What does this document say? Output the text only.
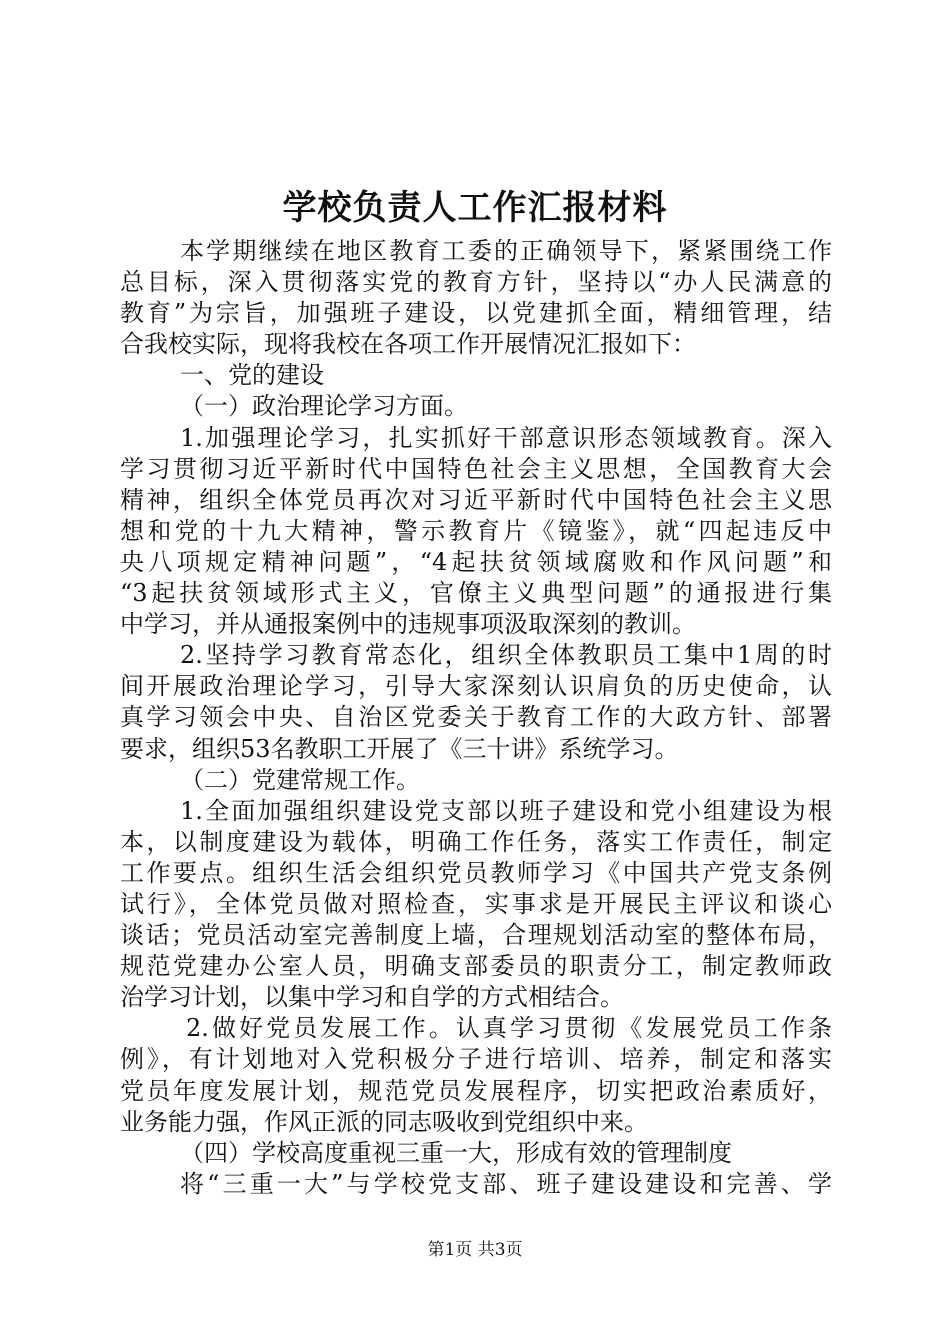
学校负责人工作汇报材料
本学期继续在地区教育工委的正确领导下，紧紧围绕工作
总目标，深入贯彻落实党的教育方针，坚持以“办人民满意的
教育”为宗旨，加强班子建设，以党建抓全面，精细管理，结
合我校实际，现将我校在各项工作开展情况汇报如下：
一、党的建设
（一）政治理论学习方面。
1.加强理论学习，扎实抓好干部意识形态领域教育。深入
学习贯彻习近平新时代中国特色社会主义思想，全国教育大会
精神，组织全体党员再次对习近平新时代中国特色社会主义思
想和党的十九大精神，警示教育片《镜鉴》，就“四起违反中
央八项规定精神问题”，“4起扶贫领域腐败和作风问题”和
“3起扶贫领域形式主义，官僚主义典型问题”的通报进行集
中学习，并从通报案例中的违规事项汲取深刻的教训。
2.坚持学习教育常态化，组织全体教职员工集中1周的时
间开展政治理论学习，引导大家深刻认识肩负的历史使命，认
真学习领会中央、自治区党委关于教育工作的大政方针、部署
要求，组织53名教职工开展了《三十讲》系统学习。
（二）党建常规工作。
1.全面加强组织建设党支部以班子建设和党小组建设为根
本，以制度建设为载体，明确工作任务，落实工作责任，制定
工作要点。组织生活会组织党员教师学习《中国共产党支条例
试行》，全体党员做对照检查，实事求是开展民主评议和谈心
谈话；党员活动室完善制度上墙，合理规划活动室的整体布局，
规范党建办公室人员，明确支部委员的职责分工，制定教师政
治学习计划，以集中学习和自学的方式相结合。
2.做好党员发展工作。认真学习贯彻《发展党员工作条
例》，有计划地对入党积极分子进行培训、培养，制定和落实
党员年度发展计划，规范党员发展程序，切实把政治素质好，
业务能力强，作风正派的同志吸收到党组织中来。
（四）学校高度重视三重一大，形成有效的管理制度
将“三重一大”与学校党支部、班子建设建设和完善、学
第1页 共3页
